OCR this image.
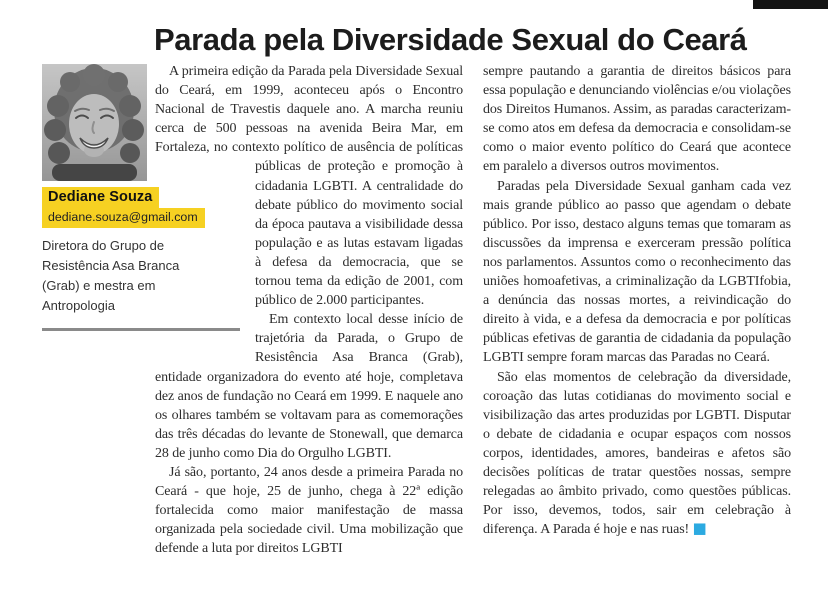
Parada pela Diversidade Sexual do Ceará
Dediane Souza
dediane.souza@gmail.com

Diretora do Grupo de Resistência Asa Branca (Grab) e mestra em Antropologia

A primeira edição da Parada pela Diversidade Sexual do Ceará, em 1999, aconteceu após o Encontro Nacional de Travestis daquele ano. A marcha reuniu cerca de 500 pessoas na avenida Beira Mar, em Fortaleza, no contexto político de ausência de políticas públicas de proteção e promoção à cidadania LGBTI. A centralidade do debate público do movimento social da época pautava a visibilidade dessa população e as lutas estavam ligadas à defesa da democracia, que se tornou tema da edição de 2001, com público de 2.000 participantes.

Em contexto local desse início de trajetória da Parada, o Grupo de Resistência Asa Branca (Grab), entidade organizadora do evento até hoje, completava dez anos de fundação no Ceará em 1999. E naquele ano os olhares também se voltavam para as comemorações das três décadas do levante de Stonewall, que demarca 28 de junho como Dia do Orgulho LGBTI.

Já são, portanto, 24 anos desde a primeira Parada no Ceará - que hoje, 25 de junho, chega à 22ª edição fortalecida como maior manifestação de massa organizada pela sociedade civil. Uma mobilização que defende a luta por direitos LGBTI

sempre pautando a garantia de direitos básicos para essa população e denunciando violências e/ou violações dos Direitos Humanos. Assim, as paradas caracterizam-se como atos em defesa da democracia e consolidam-se como o maior evento político do Ceará que acontece em paralelo a diversos outros movimentos.

Paradas pela Diversidade Sexual ganham cada vez mais grande público ao passo que agendam o debate público. Por isso, destaco alguns temas que tomaram as discussões da imprensa e exerceram pressão política nos parlamentos. Assuntos como o reconhecimento das uniões homoafetivas, a criminalização da LGBTIfobia, a denúncia das nossas mortes, a reivindicação do direito à vida, e a defesa da democracia e por políticas públicas efetivas de garantia de cidadania da população LGBTI sempre foram marcas das Paradas no Ceará.

São elas momentos de celebração da diversidade, coroação das lutas cotidianas do movimento social e visibilização das artes produzidas por LGBTI. Disputar o debate de cidadania e ocupar espaços com nossos corpos, identidades, amores, bandeiras e afetos são decisões políticas de tratar questões nossas, sempre relegadas ao âmbito privado, como questões públicas. Por isso, devemos, todos, sair em celebração à diferença. A Parada é hoje e nas ruas! ■
